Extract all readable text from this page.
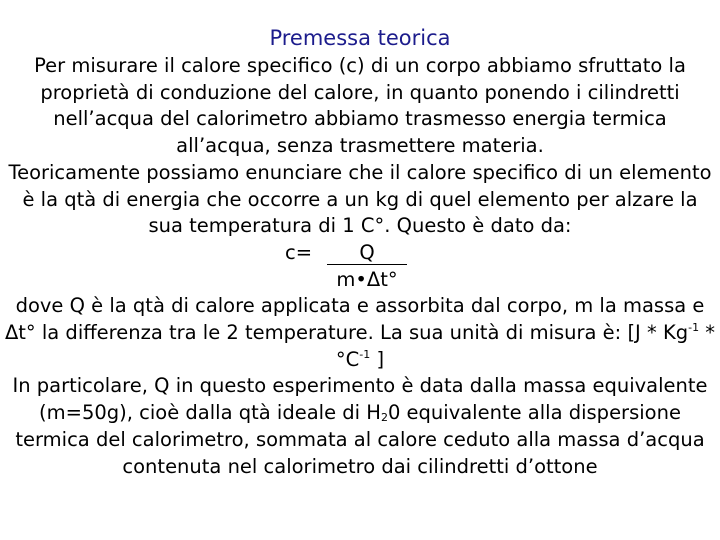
Premessa teorica

Per misurare il calore specifico (c) di un corpo abbiamo sfruttato la proprietà di conduzione del calore, in quanto ponendo i cilindretti nell’acqua del calorimetro abbiamo trasmesso energia termica all’acqua, senza trasmettere materia.

Teoricamente possiamo enunciare che il calore specifico di un elemento è la qtà di energia che occorre a un kg di quel elemento per alzare la sua temperatura di 1 C°. Questo è dato da:

c=	Q
m•Δt°

dove Q è la qtà di calore applicata e assorbita dal corpo, m la massa e Δt° la differenza tra le 2 temperature. La sua unità di misura è: [$J * Kg^{-1} * ^\circ C^{-1}$ ]

In particolare, Q in questo esperimento è data dalla massa equivalente (m=50g), cioè dalla qtà ideale di $H_20$ equivalente alla dispersione termica del calorimetro, sommata al calore ceduto alla massa d’acqua contenuta nel calorimetro dai cilindretti d’ottone
